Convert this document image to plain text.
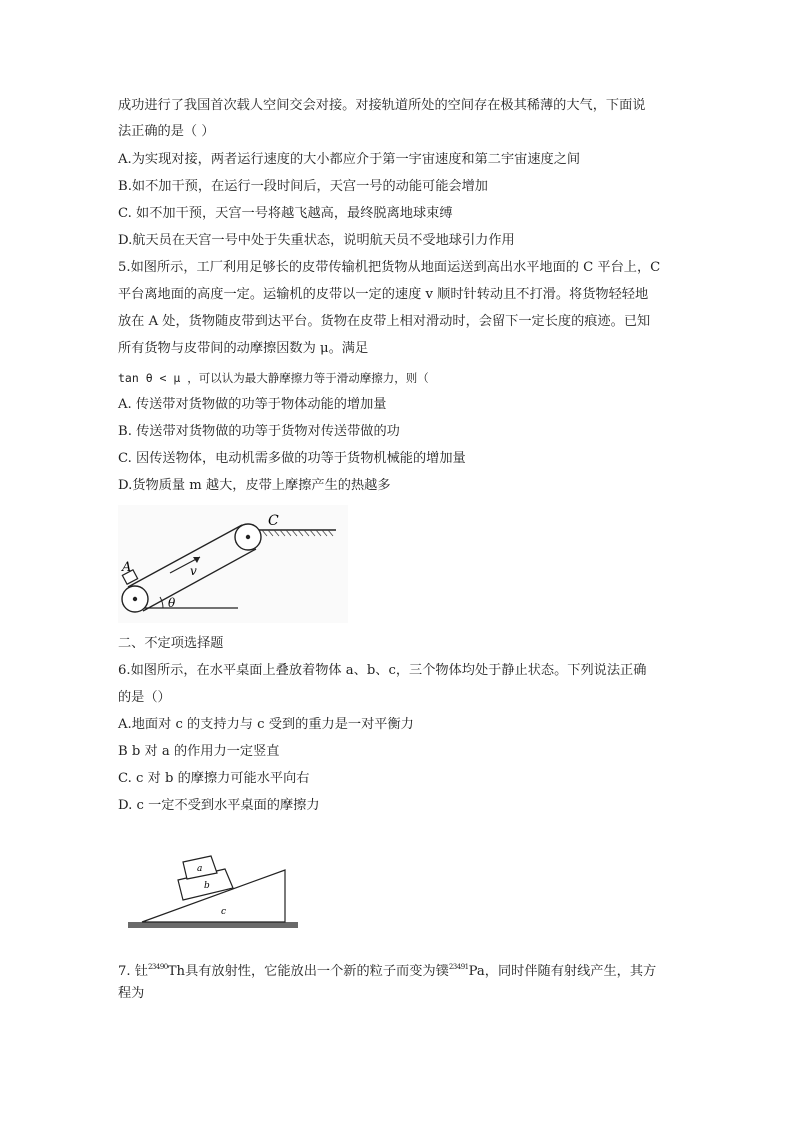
成功进行了我国首次载人空间交会对接。对接轨道所处的空间存在极其稀薄的大气，下面说
法正确的是（ ）
A.为实现对接，两者运行速度的大小都应介于第一宇宙速度和第二宇宙速度之间
B.如不加干预，在运行一段时间后，天宫一号的动能可能会增加
C. 如不加干预，天宫一号将越飞越高，最终脱离地球束缚
D.航天员在天宫一号中处于失重状态，说明航天员不受地球引力作用
5.如图所示，工厂利用足够长的皮带传输机把货物从地面运送到高出水平地面的 C 平台上，C
平台离地面的高度一定。运输机的皮带以一定的速度 v 顺时针转动且不打滑。将货物轻轻地
放在 A 处，货物随皮带到达平台。货物在皮带上相对滑动时，会留下一定长度的痕迹。已知
所有货物与皮带间的动摩擦因数为 μ。满足
tan θ < μ ，可以认为最大静摩擦力等于滑动摩擦力，则（
A. 传送带对货物做的功等于物体动能的增加量
B. 传送带对货物做的功等于货物对传送带做的功
C. 因传送物体，电动机需多做的功等于货物机械能的增加量
D.货物质量 m 越大，皮带上摩擦产生的热越多
A
C
v
θ
二、不定项选择题
6.如图所示，在水平桌面上叠放着物体 a、b、c，三个物体均处于静止状态。下列说法正确
的是（）
A.地面对 c 的支持力与 c 受到的重力是一对平衡力
B b 对 a 的作用力一定竖直
C. c 对 b 的摩擦力可能水平向右
D. c 一定不受到水平桌面的摩擦力
a
b
c
7. 钍$^{23490}$Th具有放射性，它能放出一个新的粒子而变为镤$^{23491}$Pa，同时伴随有射线产生，其方
程为
